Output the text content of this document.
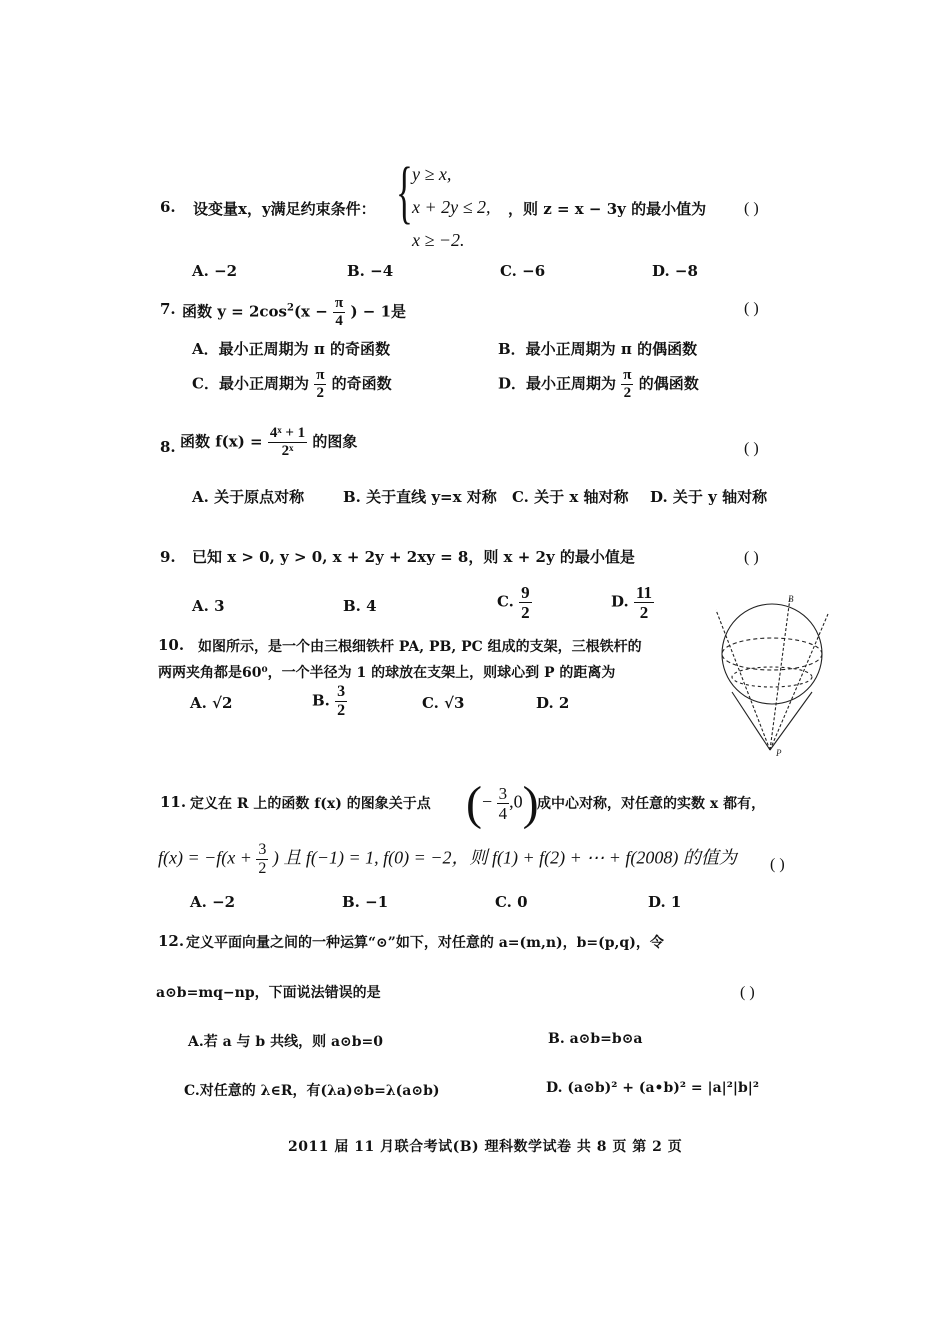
6. 设变量x，y满足约束条件： { y ≥ x,
x + 2y ≤ 2,
x ≥ −2.
，则 z = x − 3y 的最小值为 ( )
A. −2	B. −4	C. −6	D. −8
7. 函数 $y = 2\cos^2(x - \frac{\pi}{4}$ ) − 1是	( )
A．最小正周期为 π 的奇函数	B．最小正周期为 π 的偶函数
C．最小正周期为 $\frac{\pi}{2}$ 的奇函数	D．最小正周期为 $\frac{\pi}{2}$ 的偶函数
8. 函数 $f(x) = \frac{\text{4ˣ + 1}}{\text{2ˣ}}$ 的图象	( )
A. 关于原点对称	B. 关于直线 y=x 对称 C. 关于 x 轴对称 D. 关于 y 轴对称
9. 已知 x > 0, y > 0, x + 2y + 2xy = 8，则 x + 2y 的最小值是	( )
A. 3	B. 4	C. $\frac{9}{2}$	D. $\frac{11}{2}$
10. 如图所示，是一个由三根细铁杆 PA, PB, PC 组成的支架，三根铁杆的
两两夹角都是60⁰，一个半径为 1 的球放在支架上，则球心到 P 的距离为
A. √2	B. $\frac{3}{2}$	C. √3	D. 2
B
P
11. 定义在 R 上的函数 f(x) 的图象关于点 (− $\frac{3}{4} ,0$)
成中心对称，对任意的实数 x 都有，
$f(x) = -f(x + \frac{3}{2}$ ) 且 f(−1) = 1, f(0) = −2，则 f(1) + f(2) + ⋯ + f(2008) 的值为 ( )
A. −2	B. −1	C. 0	D. 1
12. 定义平面向量之间的一种运算“⊙”如下，对任意的 a=(m,n)，b=(p,q)，令
a⊙b=mq−np，下面说法错误的是	( )
A.若 a 与 b 共线，则 a⊙b=0	B. a⊙b=b⊙a
C.对任意的 λ∈R，有(λa)⊙b=λ(a⊙b)	D. (a⊙b)² + (a•b)² = |a|²|b|²
2011 届 11 月联合考试(B) 理科数学试卷 共 8 页 第 2 页
